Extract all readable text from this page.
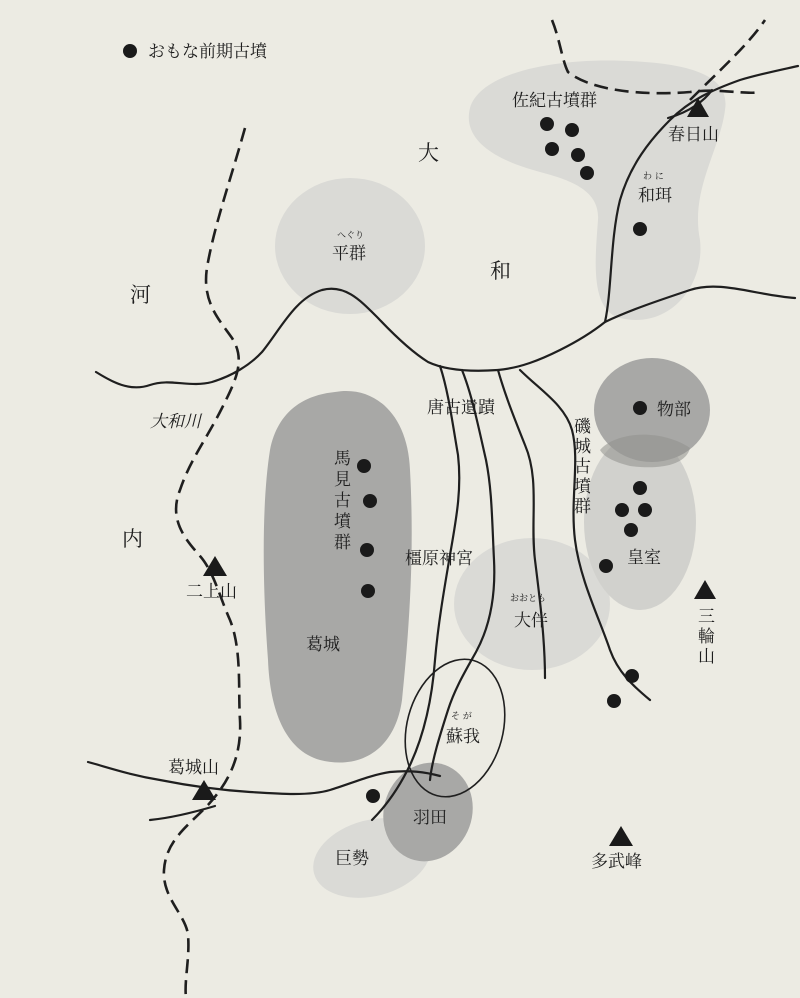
おもな前期古墳
大
和
河
内
佐紀古墳群
わ に
和珥
へぐり
平群
物部
皇室
おおとも
大伴
葛城
そ が
蘇我
羽田
巨勢
磯城古墳群
馬見古墳群
唐古遺蹟
橿原神宮
大和川
春日山
二上山
葛城山
三輪山
多武峰
